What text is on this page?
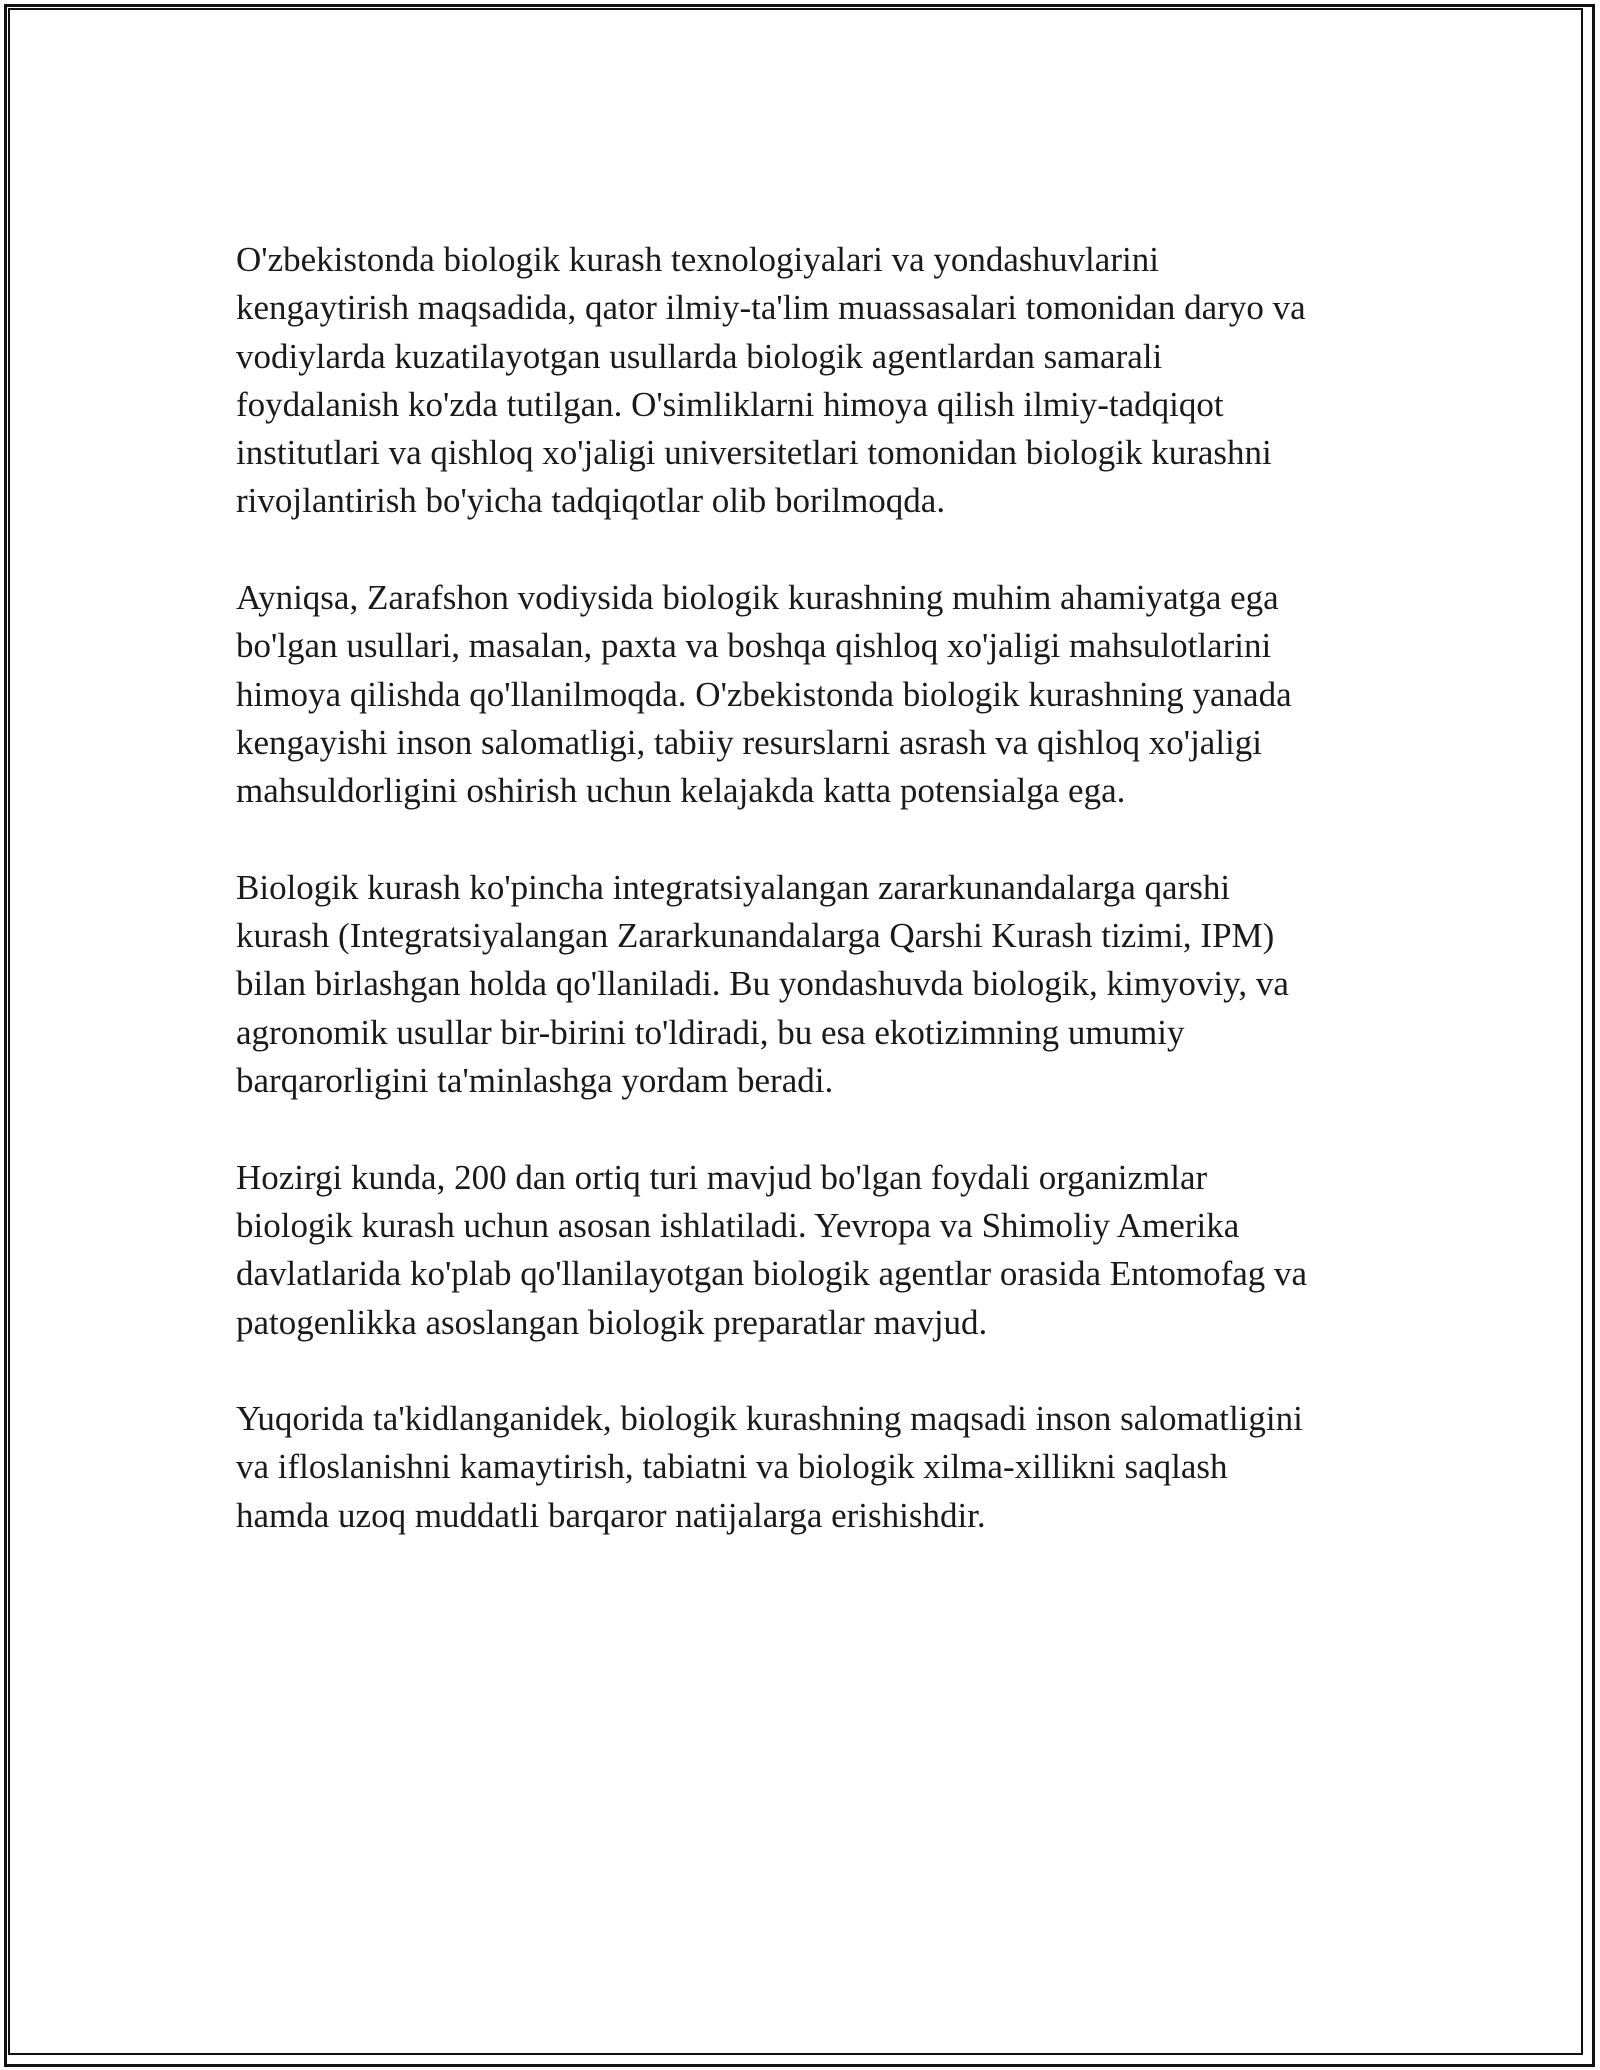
O'zbekistonda biologik kurash texnologiyalari va yondashuvlarini
kengaytirish maqsadida, qator ilmiy-ta'lim muassasalari tomonidan daryo va
vodiylarda kuzatilayotgan usullarda biologik agentlardan samarali
foydalanish ko'zda tutilgan. O'simliklarni himoya qilish ilmiy-tadqiqot
institutlari va qishloq xo'jaligi universitetlari tomonidan biologik kurashni
rivojlantirish bo'yicha tadqiqotlar olib borilmoqda.

Ayniqsa, Zarafshon vodiysida biologik kurashning muhim ahamiyatga ega
bo'lgan usullari, masalan, paxta va boshqa qishloq xo'jaligi mahsulotlarini
himoya qilishda qo'llanilmoqda. O'zbekistonda biologik kurashning yanada
kengayishi inson salomatligi, tabiiy resurslarni asrash va qishloq xo'jaligi
mahsuldorligini oshirish uchun kelajakda katta potensialga ega.

Biologik kurash ko'pincha integratsiyalangan zararkunandalarga qarshi
kurash (Integratsiyalangan Zararkunandalarga Qarshi Kurash tizimi, IPM)
bilan birlashgan holda qo'llaniladi. Bu yondashuvda biologik, kimyoviy, va
agronomik usullar bir-birini to'ldiradi, bu esa ekotizimning umumiy
barqarorligini ta'minlashga yordam beradi.

Hozirgi kunda, 200 dan ortiq turi mavjud bo'lgan foydali organizmlar
biologik kurash uchun asosan ishlatiladi. Yevropa va Shimoliy Amerika
davlatlarida ko'plab qo'llanilayotgan biologik agentlar orasida Entomofag va
patogenlikka asoslangan biologik preparatlar mavjud.

Yuqorida ta'kidlanganidek, biologik kurashning maqsadi inson salomatligini
va ifloslanishni kamaytirish, tabiatni va biologik xilma-xillikni saqlash
hamda uzoq muddatli barqaror natijalarga erishishdir.
